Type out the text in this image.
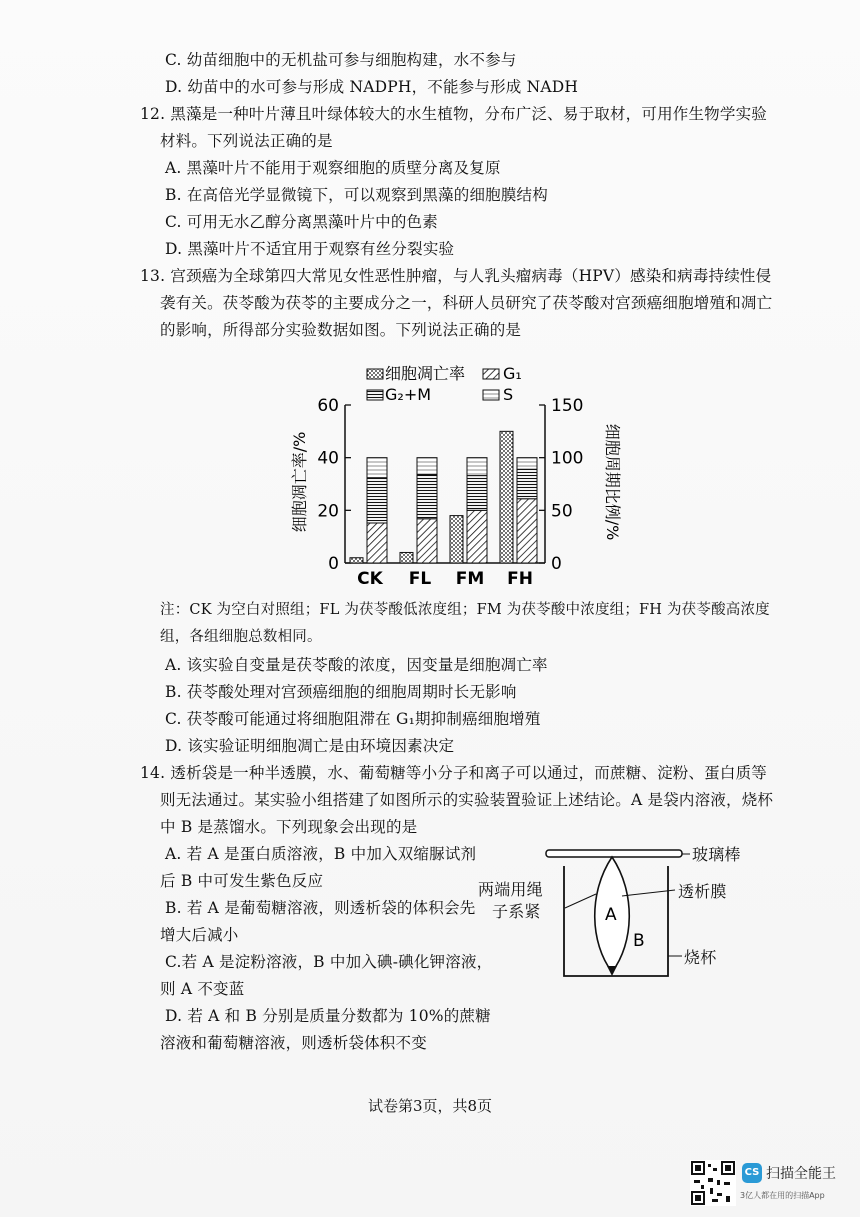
C. 幼苗细胞中的无机盐可参与细胞构建，水不参与
D. 幼苗中的水可参与形成 NADPH，不能参与形成 NADH
12. 黑藻是一种叶片薄且叶绿体较大的水生植物，分布广泛、易于取材，可用作生物学实验
材料。下列说法正确的是
A. 黑藻叶片不能用于观察细胞的质壁分离及复原
B. 在高倍光学显微镜下，可以观察到黑藻的细胞膜结构
C. 可用无水乙醇分离黑藻叶片中的色素
D. 黑藻叶片不适宜用于观察有丝分裂实验
13. 宫颈癌为全球第四大常见女性恶性肿瘤，与人乳头瘤病毒（HPV）感染和病毒持续性侵
袭有关。茯苓酸为茯苓的主要成分之一，科研人员研究了茯苓酸对宫颈癌细胞增殖和凋亡
的影响，所得部分实验数据如图。下列说法正确的是
细胞凋亡率 G₁
G₂+M	S
细胞凋亡率/%	细胞周期比例/%
0
20
40
60
0
50
100
150
CK FL FM FH
注：CK 为空白对照组；FL 为茯苓酸低浓度组；FM 为茯苓酸中浓度组；FH 为茯苓酸高浓度
组，各组细胞总数相同。
A. 该实验自变量是茯苓酸的浓度，因变量是细胞凋亡率
B. 茯苓酸处理对宫颈癌细胞的细胞周期时长无影响
C. 茯苓酸可能通过将细胞阻滞在 G₁期抑制癌细胞增殖
D. 该实验证明细胞凋亡是由环境因素决定
14. 透析袋是一种半透膜，水、葡萄糖等小分子和离子可以通过，而蔗糖、淀粉、蛋白质等
则无法通过。某实验小组搭建了如图所示的实验装置验证上述结论。A 是袋内溶液，烧杯
中 B 是蒸馏水。下列现象会出现的是
A. 若 A 是蛋白质溶液，B 中加入双缩脲试剂
后 B 中可发生紫色反应
B. 若 A 是葡萄糖溶液，则透析袋的体积会先
增大后减小
C.若 A 是淀粉溶液，B 中加入碘-碘化钾溶液，
则 A 不变蓝
D. 若 A 和 B 分别是质量分数都为 10%的蔗糖
溶液和葡萄糖溶液，则透析袋体积不变
A
B
玻璃棒
透析膜
两端用绳
子系紧
烧杯
试卷第3页，共8页
CS 扫描全能王
3亿人都在用的扫描App
